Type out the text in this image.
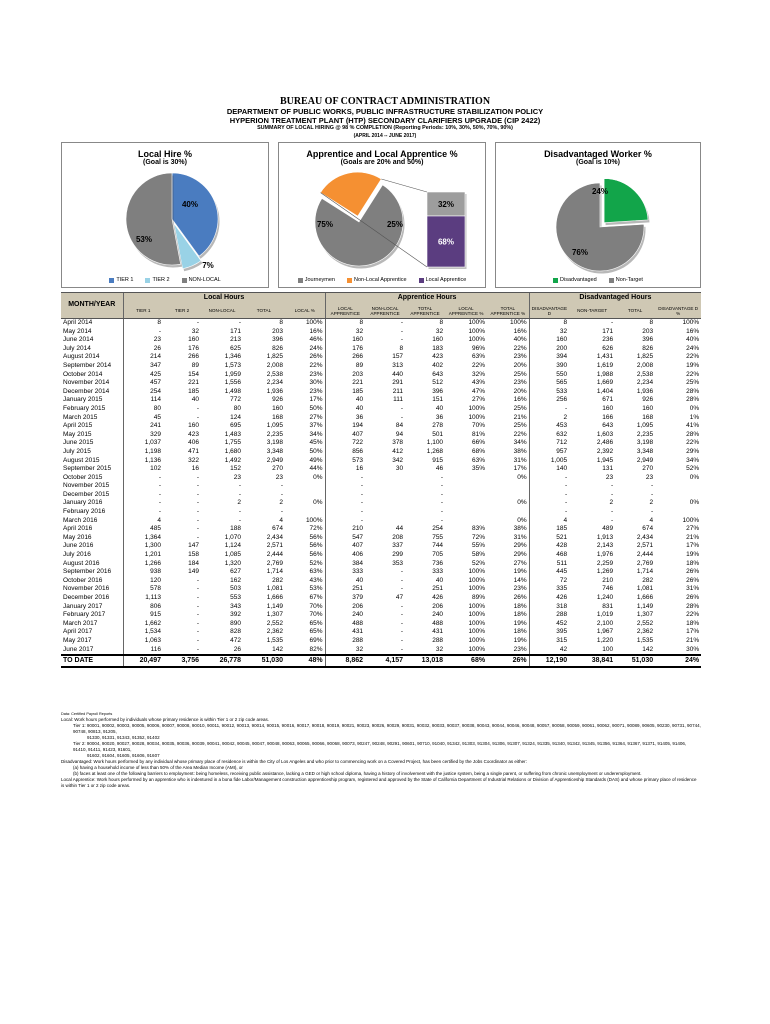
BUREAU OF CONTRACT ADMINISTRATION
DEPARTMENT OF PUBLIC WORKS, PUBLIC INFRASTRUCTURE STABILIZATION POLICY
HYPERION TREATMENT PLANT (HTP) SECONDARY CLARIFIERS UPGRADE (CIP 2422)
SUMMARY OF LOCAL HIRING @ 98 % COMPLETION (Reporting Periods: 10%, 30%, 50%, 70%, 90%)
(APRIL 2014 -- JUNE 2017)
Local Hire %
(Goal is 30%)
40%
7%
53%
TIER 1	TIER 2	NON-LOCAL
Apprentice and Local Apprentice %
(Goals are 20% and 50%)
75%	25%
32%
68%
Journeymen	Non-Local Apprentice	Local Apprentice
Disadvantaged Worker %
(Goal is 10%)
24%
76%
Disadvantaged	Non-Target
MONTH/YEAR	Local Hours					Apprentice Hours					Disadvantaged Hours			
	TIER 1	TIER 2	NON-LOCAL	TOTAL	LOCAL %	LOCAL APPRENTICE	NON-LOCAL APPRENTICE	TOTAL APPRENTICE	LOCAL APPRENTICE %	TOTAL APPRENTICE %	DISADVANTAGE D	NON-TARGET	TOTAL	DISADVANTAGE D %
April 2014	8	-	-	8	100%	8	-	8	100%	100%	8	-	8	100%
May 2014	-	32	171	203	16%	32	-	32	100%	16%	32	171	203	16%
June 2014	23	160	213	396	46%	160	-	160	100%	40%	160	236	396	40%
July 2014	26	176	625	826	24%	176	8	183	96%	22%	200	626	826	24%
August 2014	214	266	1,346	1,825	26%	266	157	423	63%	23%	394	1,431	1,825	22%
September 2014	347	89	1,573	2,008	22%	89	313	402	22%	20%	390	1,619	2,008	19%
October 2014	425	154	1,959	2,538	23%	203	440	643	32%	25%	550	1,988	2,538	22%
November 2014	457	221	1,556	2,234	30%	221	291	512	43%	23%	565	1,669	2,234	25%
December 2014	254	185	1,498	1,936	23%	185	211	396	47%	20%	533	1,404	1,936	28%
January 2015	114	40	772	926	17%	40	111	151	27%	16%	256	671	926	28%
February 2015	80	-	80	160	50%	40	-	40	100%	25%	-	160	160	0%
March 2015	45	-	124	168	27%	36	-	36	100%	21%	2	166	168	1%
April 2015	241	160	695	1,095	37%	194	84	278	70%	25%	453	643	1,095	41%
May 2015	329	423	1,483	2,235	34%	407	94	501	81%	22%	632	1,603	2,235	28%
June 2015	1,037	406	1,755	3,198	45%	722	378	1,100	66%	34%	712	2,486	3,198	22%
July 2015	1,198	471	1,680	3,348	50%	856	412	1,268	68%	38%	957	2,392	3,348	29%
August 2015	1,136	322	1,492	2,949	49%	573	342	915	63%	31%	1,005	1,945	2,949	34%
September 2015	102	16	152	270	44%	16	30	46	35%	17%	140	131	270	52%
October 2015	-	-	23	23	0%	-		-		0%	-	23	23	0%
November 2015	-	-	-	-		-		-			-	-	-	
December 2015	-	-	-	-		-		-			-	-	-	
January 2016	-	-	2	2	0%	-		-		0%	-	2	2	0%
February 2016	-	-	-	-		-		-			-	-	-	
March 2016	4	-	-	4	100%	-		-		0%	4	-	4	100%
April 2016	485	-	188	674	72%	210	44	254	83%	38%	185	489	674	27%
May 2016	1,364	-	1,070	2,434	56%	547	208	755	72%	31%	521	1,913	2,434	21%
June 2016	1,300	147	1,124	2,571	56%	407	337	744	55%	29%	428	2,143	2,571	17%
July 2016	1,201	158	1,085	2,444	56%	406	299	705	58%	29%	468	1,976	2,444	19%
August 2016	1,266	184	1,320	2,769	52%	384	353	736	52%	27%	511	2,259	2,769	18%
September 2016	938	149	627	1,714	63%	333	-	333	100%	19%	445	1,269	1,714	26%
October 2016	120	-	162	282	43%	40	-	40	100%	14%	72	210	282	26%
November 2016	578	-	503	1,081	53%	251	-	251	100%	23%	335	746	1,081	31%
December 2016	1,113	-	553	1,666	67%	379	47	426	89%	26%	426	1,240	1,666	26%
January 2017	806	-	343	1,149	70%	206	-	206	100%	18%	318	831	1,149	28%
February 2017	915	-	392	1,307	70%	240	-	240	100%	18%	288	1,019	1,307	22%
March 2017	1,662	-	890	2,552	65%	488	-	488	100%	19%	452	2,100	2,552	18%
April 2017	1,534	-	828	2,362	65%	431	-	431	100%	18%	395	1,967	2,362	17%
May 2017	1,063	-	472	1,535	69%	288	-	288	100%	19%	315	1,220	1,535	21%
June 2017	116	-	26	142	82%	32	-	32	100%	23%	42	100	142	30%
TO DATE	20,497	3,756	26,778	51,030	48%	8,862	4,157	13,018	68%	26%	12,190	38,841	51,030	24%

Data: Certified Payroll Reports

Local: Work hours performed by individuals whose primary residence is within Tier 1 or 2 zip code areas.

Tier 1: 90001, 90002, 90003, 90005, 90006, 90007, 90008, 90010, 90011, 90012, 90013, 90014, 90015, 90016, 90017, 90018, 90019, 90021, 90023, 90026, 90029, 90031, 90032, 90033, 90037, 90038, 90043, 90044, 90046, 90048, 90057, 90058, 90059, 90061, 90062, 90071, 90089, 90605, 90230, 90731, 90744, 90748, 90813, 91205,

91330, 91331, 91343, 91352, 91402

Tier 2: 90004, 90020, 90027, 90028, 90034, 90035, 90036, 90039, 90041, 90042, 90045, 90047, 90048, 90063, 90065, 90066, 90068, 90073, 90247, 90248, 90291, 90601, 90710, 91040, 91342, 91303, 91304, 91306, 91307, 91324, 91335, 91340, 91342, 91345, 91356, 91364, 91367, 91371, 91405, 91406, 91410, 91411, 91423, 91601,

91602, 91604, 91605, 91606, 91607

Disadvantaged: Work hours performed by any individual whose primary place of residence is within the City of Los Angeles and who prior to commencing work on a Covered Project, has been certified by the Jobs Coordinator as either:

(a) having a household income of less than 50% of the Area Median Income (AMI), or

(b) faces at least one of the following barriers to employment: being homeless, receiving public assistance, lacking a GED or high school diploma, having a history of involvement with the justice system, being a single parent, or suffering from chronic unemployment or underemployment.

Local Apprentice: Work hours performed by an apprentice who is indentured in a bona fide Labor/Management construction apprenticeship program, registered and approved by the State of California Department of Industrial Relations or Division of Apprenticeship Standards (DAS) and whose primary place of residence is within Tier 1 or 2 zip code areas.
